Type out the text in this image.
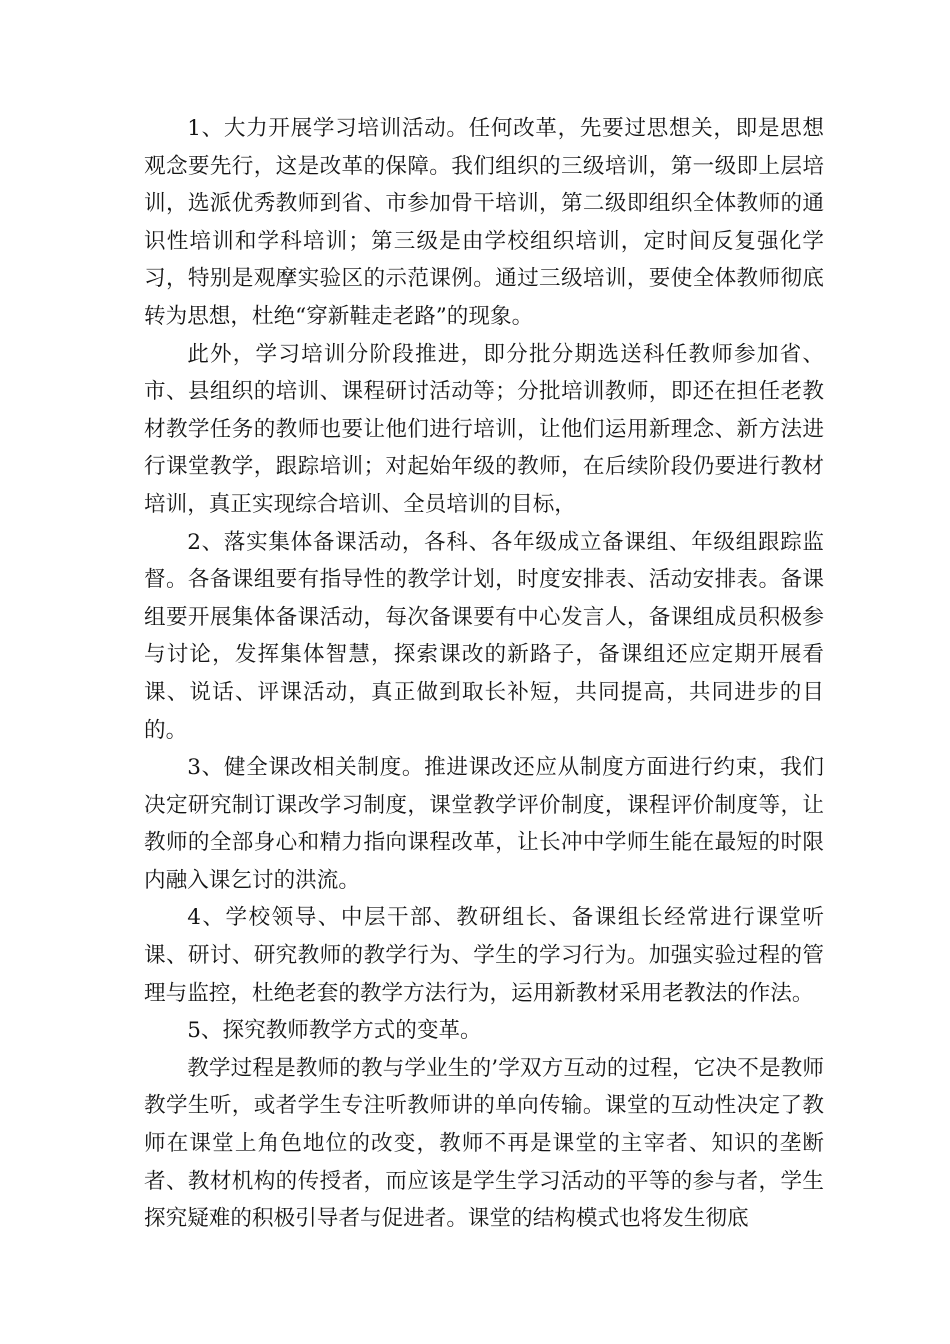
1、大力开展学习培训活动。任何改革，先要过思想关，即是思想观念要先行，这是改革的保障。我们组织的三级培训，第一级即上层培训，选派优秀教师到省、市参加骨干培训，第二级即组织全体教师的通识性培训和学科培训；第三级是由学校组织培训，定时间反复强化学习，特别是观摩实验区的示范课例。通过三级培训，要使全体教师彻底转为思想，杜绝“穿新鞋走老路”的现象。

此外，学习培训分阶段推进，即分批分期选送科任教师参加省、市、县组织的培训、课程研讨活动等；分批培训教师，即还在担任老教材教学任务的教师也要让他们进行培训，让他们运用新理念、新方法进行课堂教学，跟踪培训；对起始年级的教师，在后续阶段仍要进行教材培训，真正实现综合培训、全员培训的目标，

2、落实集体备课活动，各科、各年级成立备课组、年级组跟踪监督。各备课组要有指导性的教学计划，时度安排表、活动安排表。备课组要开展集体备课活动，每次备课要有中心发言人，备课组成员积极参与讨论，发挥集体智慧，探索课改的新路子，备课组还应定期开展看课、说话、评课活动，真正做到取长补短，共同提高，共同进步的目的。

3、健全课改相关制度。推进课改还应从制度方面进行约束，我们决定研究制订课改学习制度，课堂教学评价制度，课程评价制度等，让教师的全部身心和精力指向课程改革，让长冲中学师生能在最短的时限内融入课乞讨的洪流。

4、学校领导、中层干部、教研组长、备课组长经常进行课堂听课、研讨、研究教师的教学行为、学生的学习行为。加强实验过程的管理与监控，杜绝老套的教学方法行为，运用新教材采用老教法的作法。

5、探究教师教学方式的变革。

教学过程是教师的教与学业生的’学双方互动的过程，它决不是教师教学生听，或者学生专注听教师讲的单向传输。课堂的互动性决定了教师在课堂上角色地位的改变，教师不再是课堂的主宰者、知识的垄断者、教材机构的传授者，而应该是学生学习活动的平等的参与者，学生探究疑难的积极引导者与促进者。课堂的结构模式也将发生彻底
